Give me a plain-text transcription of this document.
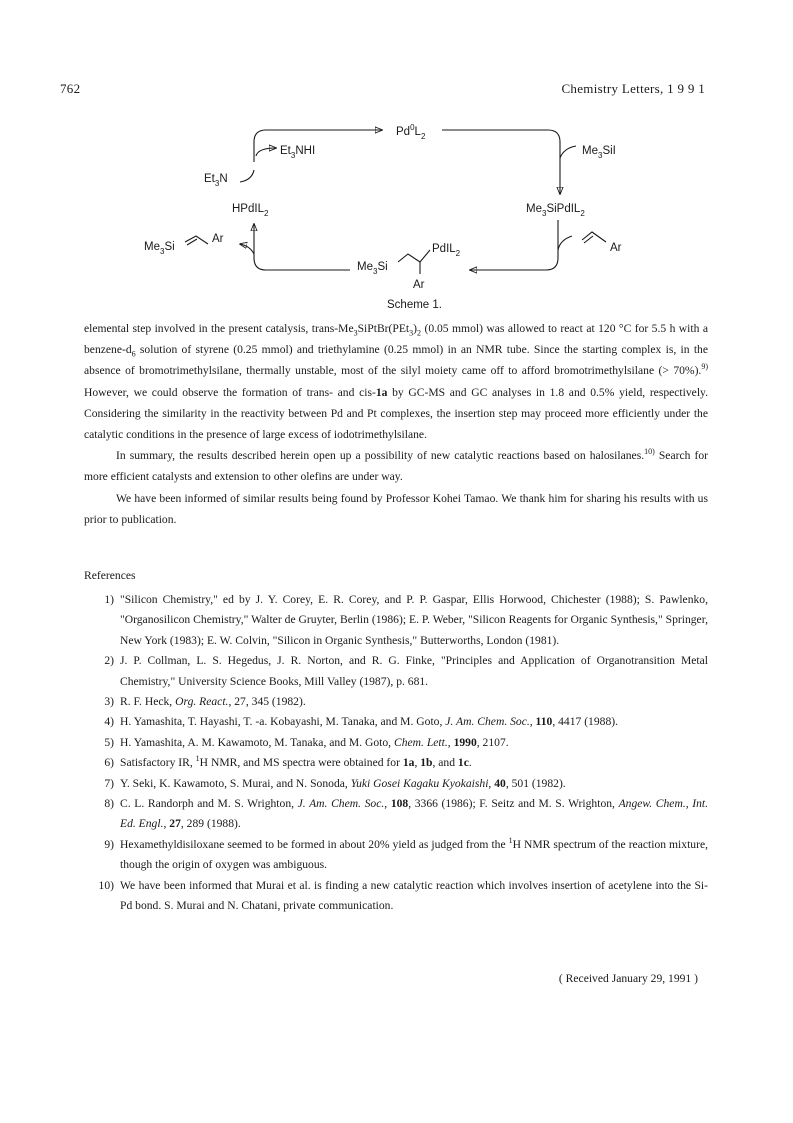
762	Chemistry Letters, 1 9 9 1
$Pd^0L_2$
$Me_3SiI$
$Me_3SiPdIL_2$
Ar
$Me_3Si$
PdIL$_2$
Ar
HPdIL$_2$
$Me_3Si$
Ar
$Et_3NHI$
$Et_3N$
Scheme 1.

elemental step involved in the present catalysis, trans-$Me_3SiPtBr(PEt_3)_2$ (0.05 mmol) was allowed to react at 120 °C for 5.5 h with a benzene-$d_6$ solution of styrene (0.25 mmol) and triethylamine (0.25 mmol) in an NMR tube. Since the starting complex is, in the absence of bromotrimethylsilane, thermally unstable, most of the silyl moiety came off to afford bromotrimethylsilane (> 70%).$^{9)}$ However, we could observe the formation of trans- and cis-1a by GC-MS and GC analyses in 1.8 and 0.5% yield, respectively. Considering the similarity in the reactivity between Pd and Pt complexes, the insertion step may proceed more efficiently under the catalytic conditions in the presence of large excess of iodotrimethylsilane.

In summary, the results described herein open up a possibility of new catalytic reactions based on halosilanes.$^{10)}$ Search for more efficient catalysts and extension to other olefins are under way.

We have been informed of similar results being found by Professor Kohei Tamao. We thank him for sharing his results with us prior to publication.

References
1) "Silicon Chemistry," ed by J. Y. Corey, E. R. Corey, and P. P. Gaspar, Ellis Horwood, Chichester (1988); S. Pawlenko, "Organosilicon Chemistry," Walter de Gruyter, Berlin (1986); E. P. Weber, "Silicon Reagents for Organic Synthesis," Springer, New York (1983); E. W. Colvin, "Silicon in Organic Synthesis," Butterworths, London (1981).
2) J. P. Collman, L. S. Hegedus, J. R. Norton, and R. G. Finke, "Principles and Application of Organotransition Metal Chemistry," University Science Books, Mill Valley (1987), p. 681.
3) R. F. Heck, Org. React., 27, 345 (1982).
4) H. Yamashita, T. Hayashi, T. -a. Kobayashi, M. Tanaka, and M. Goto, J. Am. Chem. Soc., 110, 4417 (1988).
5) H. Yamashita, A. M. Kawamoto, M. Tanaka, and M. Goto, Chem. Lett., 1990, 2107.
6) Satisfactory IR, $^1$H NMR, and MS spectra were obtained for 1a, 1b, and 1c.
7) Y. Seki, K. Kawamoto, S. Murai, and N. Sonoda, Yuki Gosei Kagaku Kyokaishi, 40, 501 (1982).
8) C. L. Randorph and M. S. Wrighton, J. Am. Chem. Soc., 108, 3366 (1986); F. Seitz and M. S. Wrighton, Angew. Chem., Int. Ed. Engl., 27, 289 (1988).
9) Hexamethyldisiloxane seemed to be formed in about 20% yield as judged from the $^1$H NMR spectrum of the reaction mixture, though the origin of oxygen was ambiguous.
10) We have been informed that Murai et al. is finding a new catalytic reaction which involves insertion of acetylene into the Si-Pd bond. S. Murai and N. Chatani, private communication.
( Received January 29, 1991 )
